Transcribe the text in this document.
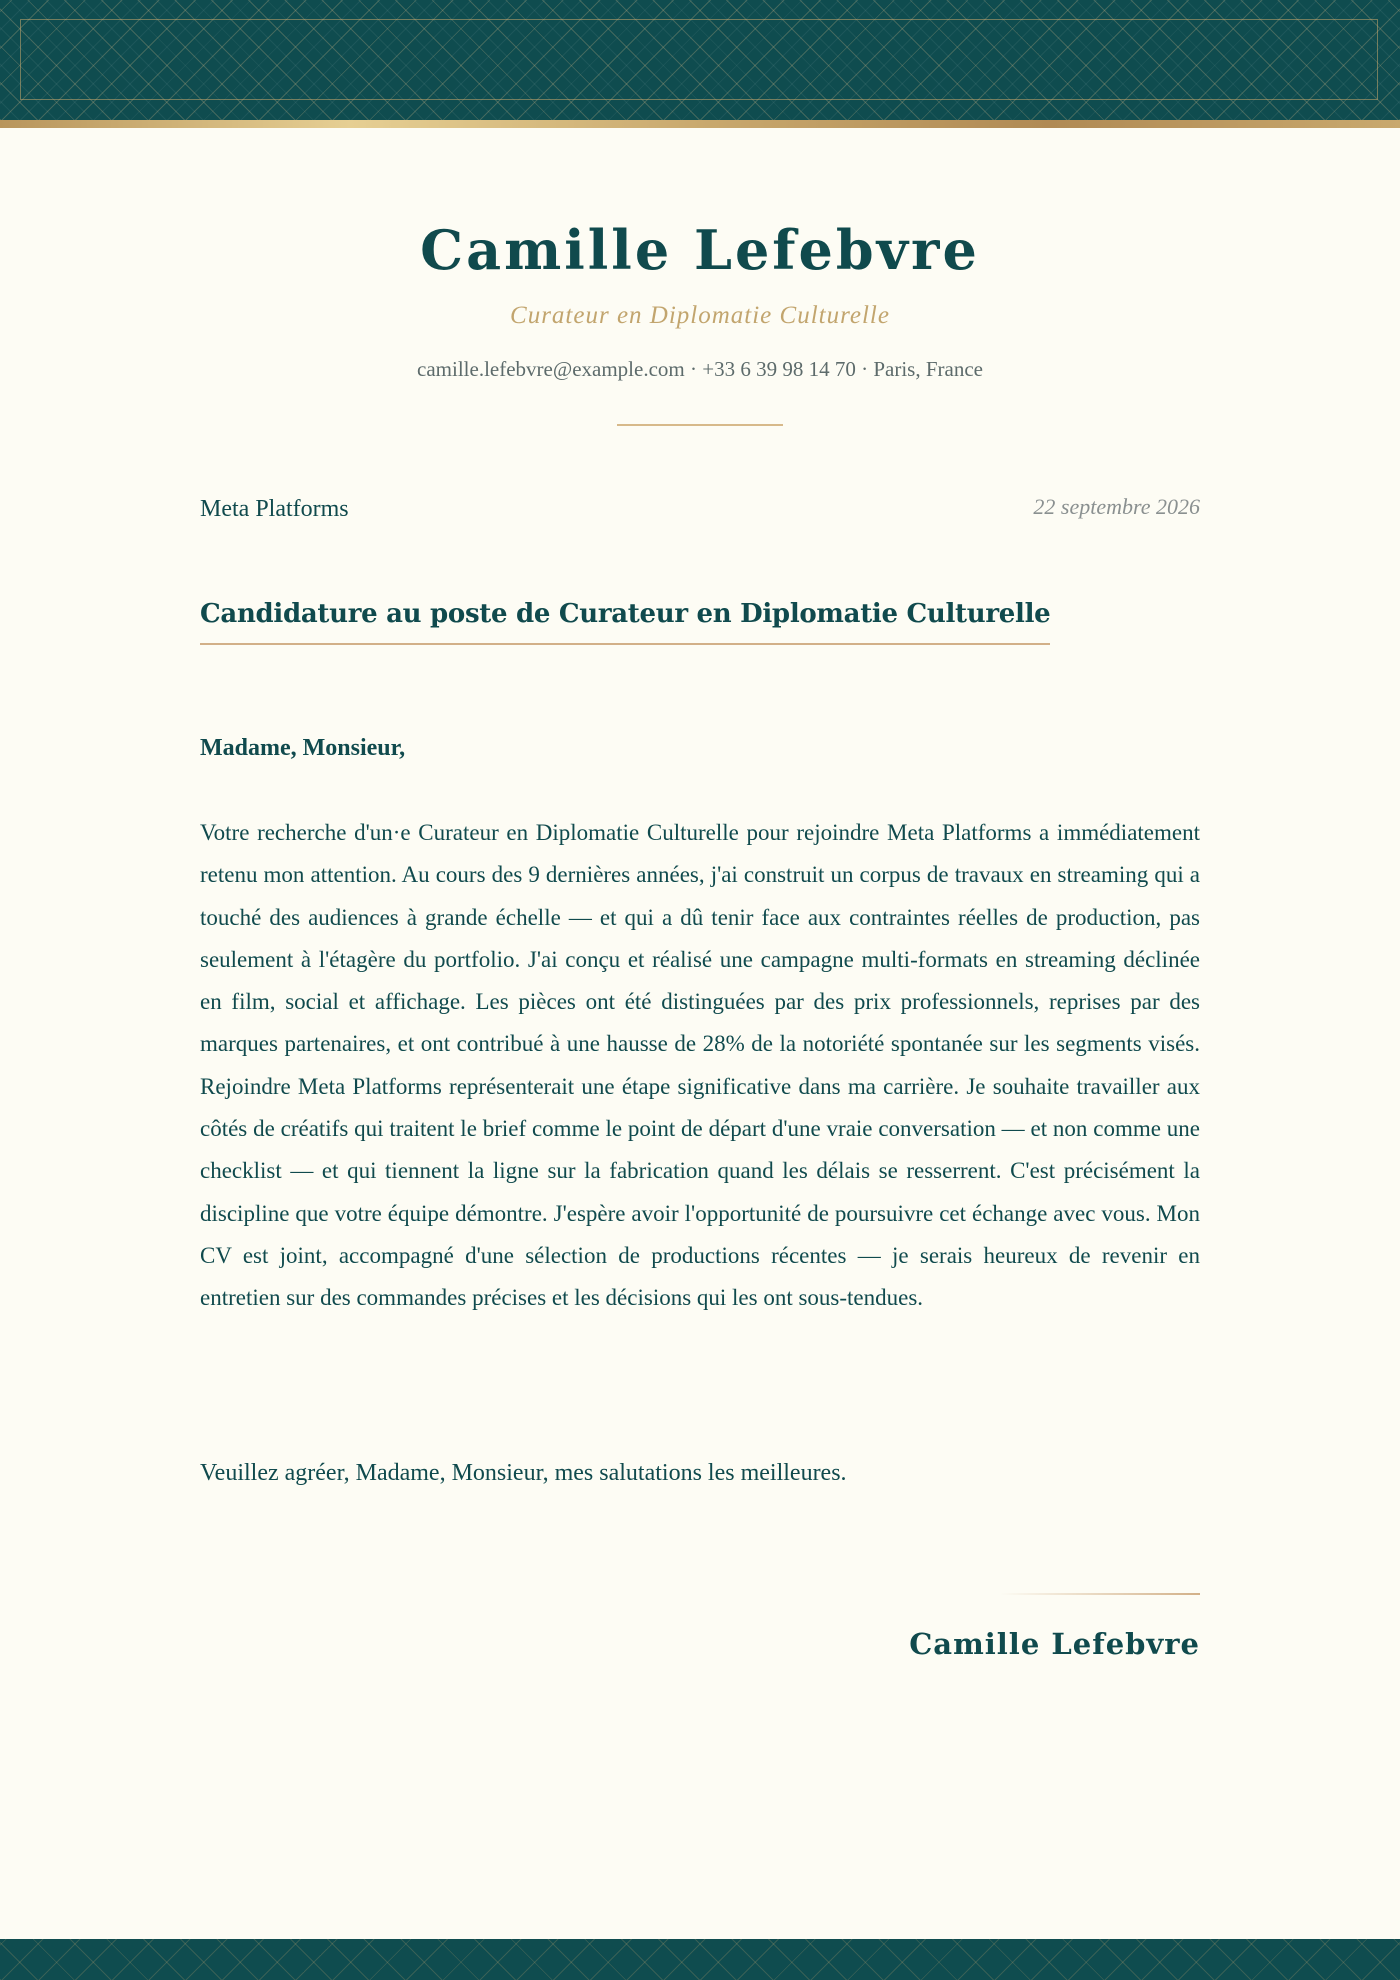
Camille Lefebvre
Curateur en Diplomatie Culturelle
camille.lefebvre@example.com · +33 6 39 98 14 70 · Paris, France
Meta Platforms	22 septembre 2026
Candidature au poste de Curateur en Diplomatie Culturelle
Madame, Monsieur,

Votre recherche d'un·e Curateur en Diplomatie Culturelle pour rejoindre Meta Platforms a immédiatement retenu mon attention. Au cours des 9 dernières années, j'ai construit un corpus de travaux en streaming qui a touché des audiences à grande échelle — et qui a dû tenir face aux contraintes réelles de production, pas seulement à l'étagère du portfolio. J'ai conçu et réalisé une campagne multi-formats en streaming déclinée en film, social et affichage. Les pièces ont été distinguées par des prix professionnels, reprises par des marques partenaires, et ont contribué à une hausse de 28% de la notoriété spontanée sur les segments visés. Rejoindre Meta Platforms représenterait une étape significative dans ma carrière. Je souhaite travailler aux côtés de créatifs qui traitent le brief comme le point de départ d'une vraie conversation — et non comme une checklist — et qui tiennent la ligne sur la fabrication quand les délais se resserrent. C'est précisément la discipline que votre équipe démontre. J'espère avoir l'opportunité de poursuivre cet échange avec vous. Mon CV est joint, accompagné d'une sélection de productions récentes — je serais heureux de revenir en entretien sur des commandes précises et les décisions qui les ont sous-tendues.

Veuillez agréer, Madame, Monsieur, mes salutations les meilleures.
Camille Lefebvre
